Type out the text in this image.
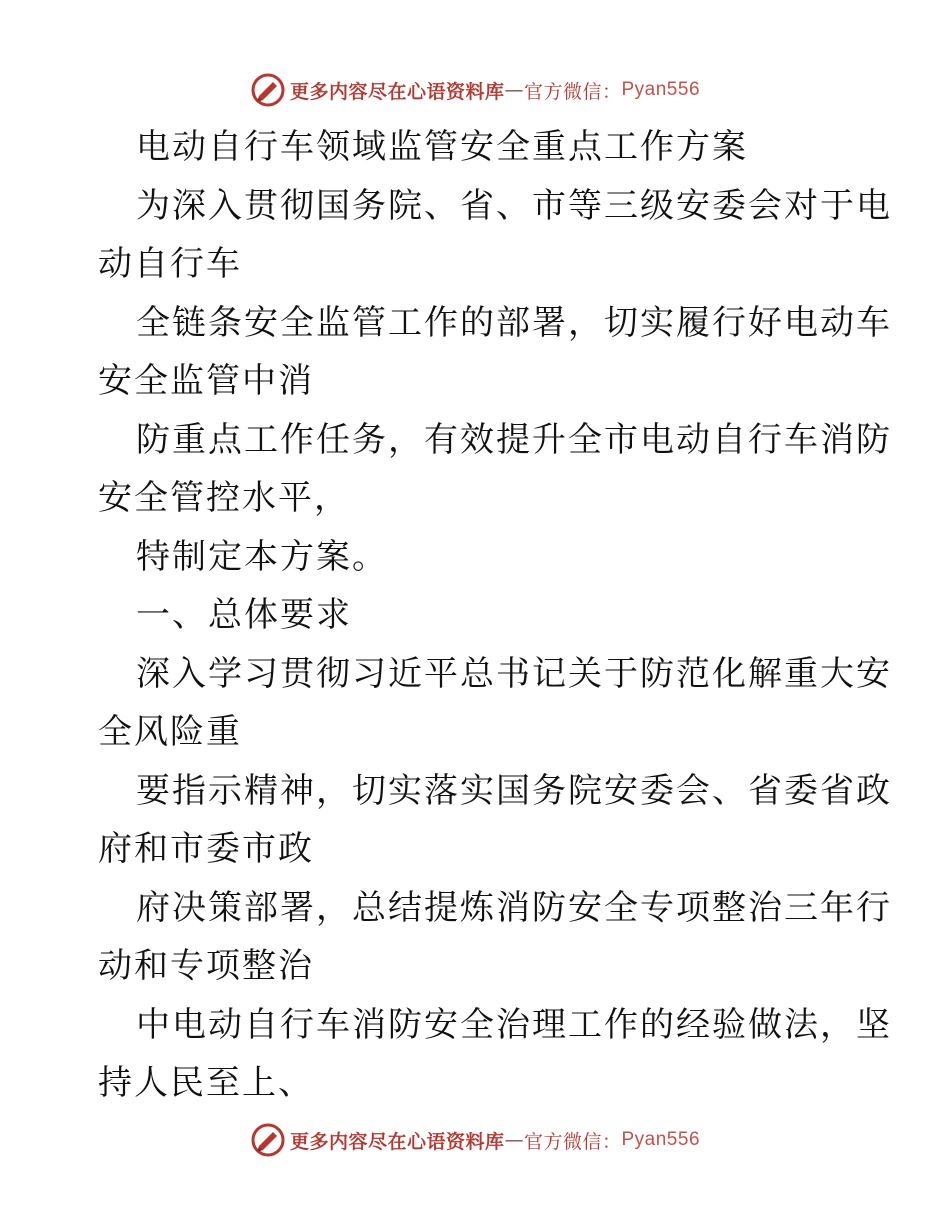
更多内容尽在心语资料库 — 官方微信： Pyan556
电动自行车领域监管安全重点工作方案
为深入贯彻国务院、省、市等三级安委会对于电
动自行车
全链条安全监管工作的部署，切实履行好电动车
安全监管中消
防重点工作任务，有效提升全市电动自行车消防
安全管控水平，
特制定本方案。
一、总体要求
深入学习贯彻习近平总书记关于防范化解重大安
全风险重
要指示精神，切实落实国务院安委会、省委省政
府和市委市政
府决策部署，总结提炼消防安全专项整治三年行
动和专项整治
中电动自行车消防安全治理工作的经验做法，坚
持人民至上、
更多内容尽在心语资料库 — 官方微信： Pyan556
